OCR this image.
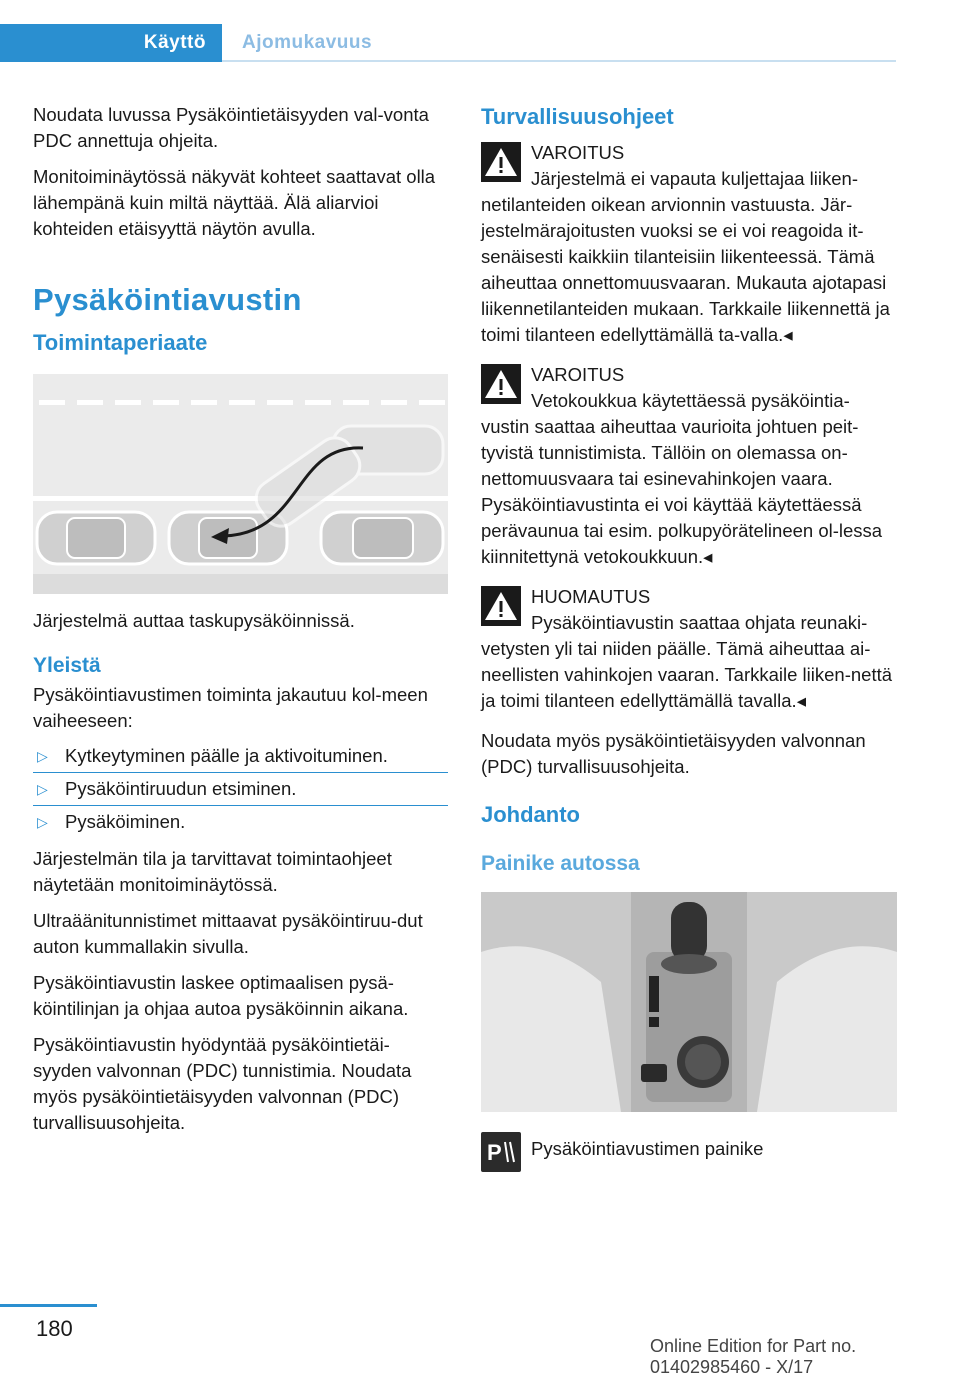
Käyttö	Ajomukavuus

Noudata luvussa Pysäköintietäisyyden val‐vonta PDC annettuja ohjeita.

Monitoiminäytössä näkyvät kohteet saattavat olla lähempänä kuin miltä näyttää. Älä aliarvioi kohteiden etäisyyttä näytön avulla.

Pysäköintiavustin
Toimintaperiaate

Järjestelmä auttaa taskupysäköinnissä.

Yleistä

Pysäköintiavustimen toiminta jakautuu kol‐meen vaiheeseen:

▷ Kytkeytyminen päälle ja aktivoituminen.
▷ Pysäköintiruudun etsiminen.
▷ Pysäköiminen.

Järjestelmän tila ja tarvittavat toimintaohjeet näytetään monitoiminäytössä.

Ultraäänitunnistimet mittaavat pysäköintiruu‐dut auton kummallakin sivulla.

Pysäköintiavustin laskee optimaalisen pysä‐köintilinjan ja ohjaa autoa pysäköinnin aikana.

Pysäköintiavustin hyödyntää pysäköintietäi‐syyden valvonnan (PDC) tunnistimia. Noudata myös pysäköintietäisyyden valvonnan (PDC) turvallisuusohjeita.

Turvallisuusohjeet
VAROITUS
Järjestelmä ei vapauta kuljettajaa liiken‐netilanteiden oikean arvionnin vastuusta. Jär‐jestelmärajoitusten vuoksi se ei voi reagoida it‐senäisesti kaikkiin tilanteisiin liikenteessä. Tämä aiheuttaa onnettomuusvaaran. Mukauta ajotapasi liikennetilanteiden mukaan. Tarkkaile liikennettä ja toimi tilanteen edellyttämällä ta‐valla.◂
VAROITUS
Vetokoukkua käytettäessä pysäköintia‐vustin saattaa aiheuttaa vaurioita johtuen peit‐tyvistä tunnistimista. Tällöin on olemassa on‐nettomuusvaara tai esinevahinkojen vaara. Pysäköintiavustinta ei voi käyttää käytettäessä perävaunua tai esim. polkupyörätelineen ol‐lessa kiinnitettynä vetokoukkuun.◂
HUOMAUTUS
Pysäköintiavustin saattaa ohjata reunaki‐vetysten yli tai niiden päälle. Tämä aiheuttaa ai‐neellisten vahinkojen vaaran. Tarkkaile liiken‐nettä ja toimi tilanteen edellyttämällä tavalla.◂

Noudata myös pysäköintietäisyyden valvonnan (PDC) turvallisuusohjeita.

Johdanto
Painike autossa
P	Pysäköintiavustimen painike
180
Online Edition for Part no. 01402985460 - X/17
